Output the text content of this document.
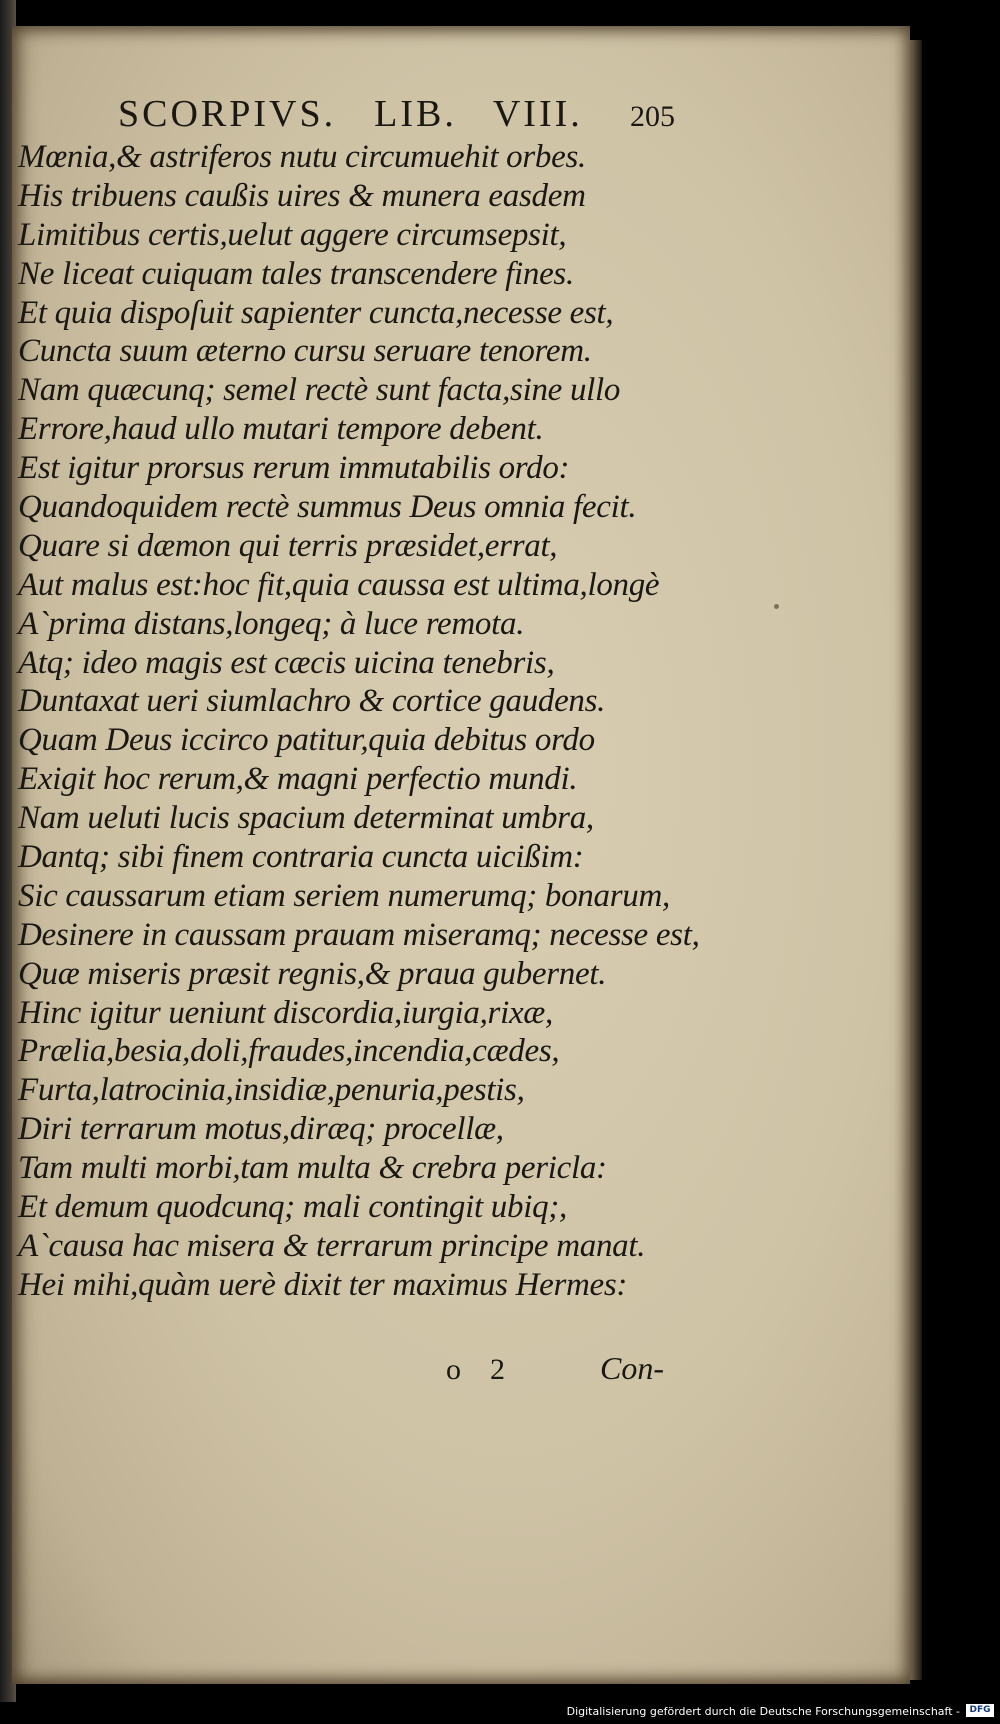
SCORPIVS. LIB. VIII. 205
Mœnia,& astriferos nutu circumuehit orbes.
His tribuens caußis uires & munera easdem
Limitibus certis,uelut aggere circumsepsit,
Ne liceat cuiquam tales transcendere fines.
Et quia dispoſuit sapienter cuncta,necesse est,
Cuncta suum æterno cursu seruare tenorem.
Nam quæcunq; semel rectè sunt facta,sine ullo
Errore,haud ullo mutari tempore debent.
Est igitur prorsus rerum immutabilis ordo:
Quandoquidem rectè summus Deus omnia fecit.
Quare si dæmon qui terris præsidet,errat,
Aut malus est:hoc fit,quia caussa est ultima,longè
A`prima distans,longeq; à luce remota.
Atq; ideo magis est cæcis uicina tenebris,
Duntaxat ueri siumlachro & cortice gaudens.
Quam Deus iccirco patitur,quia debitus ordo
Exigit hoc rerum,& magni perfectio mundi.
Nam ueluti lucis spacium determinat umbra,
Dantq; sibi finem contraria cuncta uicißim:
Sic caussarum etiam seriem numerumq; bonarum,
Desinere in caussam prauam miseramq; necesse est,
Quæ miseris præsit regnis,& praua gubernet.
Hinc igitur ueniunt discordia,iurgia,rixæ,
Prælia,besia,doli,fraudes,incendia,cædes,
Furta,latrocinia,insidiæ,penuria,pestis,
Diri terrarum motus,diræq; procellæ,
Tam multi morbi,tam multa & crebra pericla:
Et demum quodcunq; mali contingit ubiq;,
A`causa hac misera & terrarum principe manat.
Hei mihi,quàm uerè dixit ter maximus Hermes:
o 2	Con-
Digitalisierung gefördert durch die Deutsche Forschungsgemeinschaft -	DFG
